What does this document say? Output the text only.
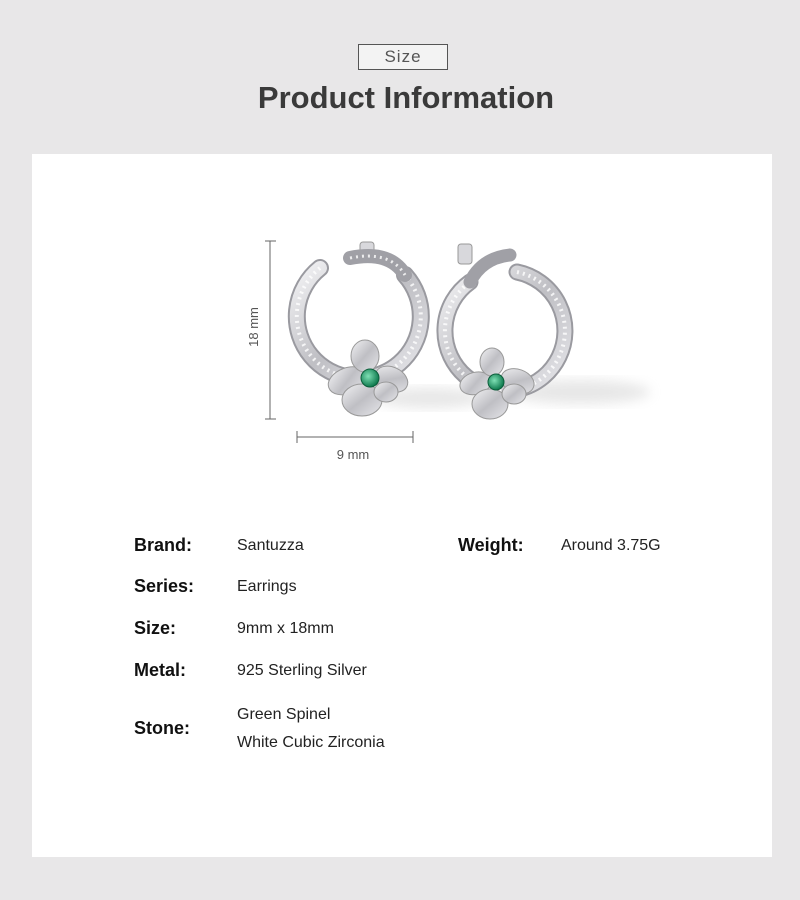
Size
Product Information
18 mm
9 mm
Brand:	Santuzza	Weight: Around 3.75G
Series:	Earrings
Size:	9mm x 18mm
Metal:	925 Sterling Silver
Stone:
Green Spinel
White Cubic Zirconia
